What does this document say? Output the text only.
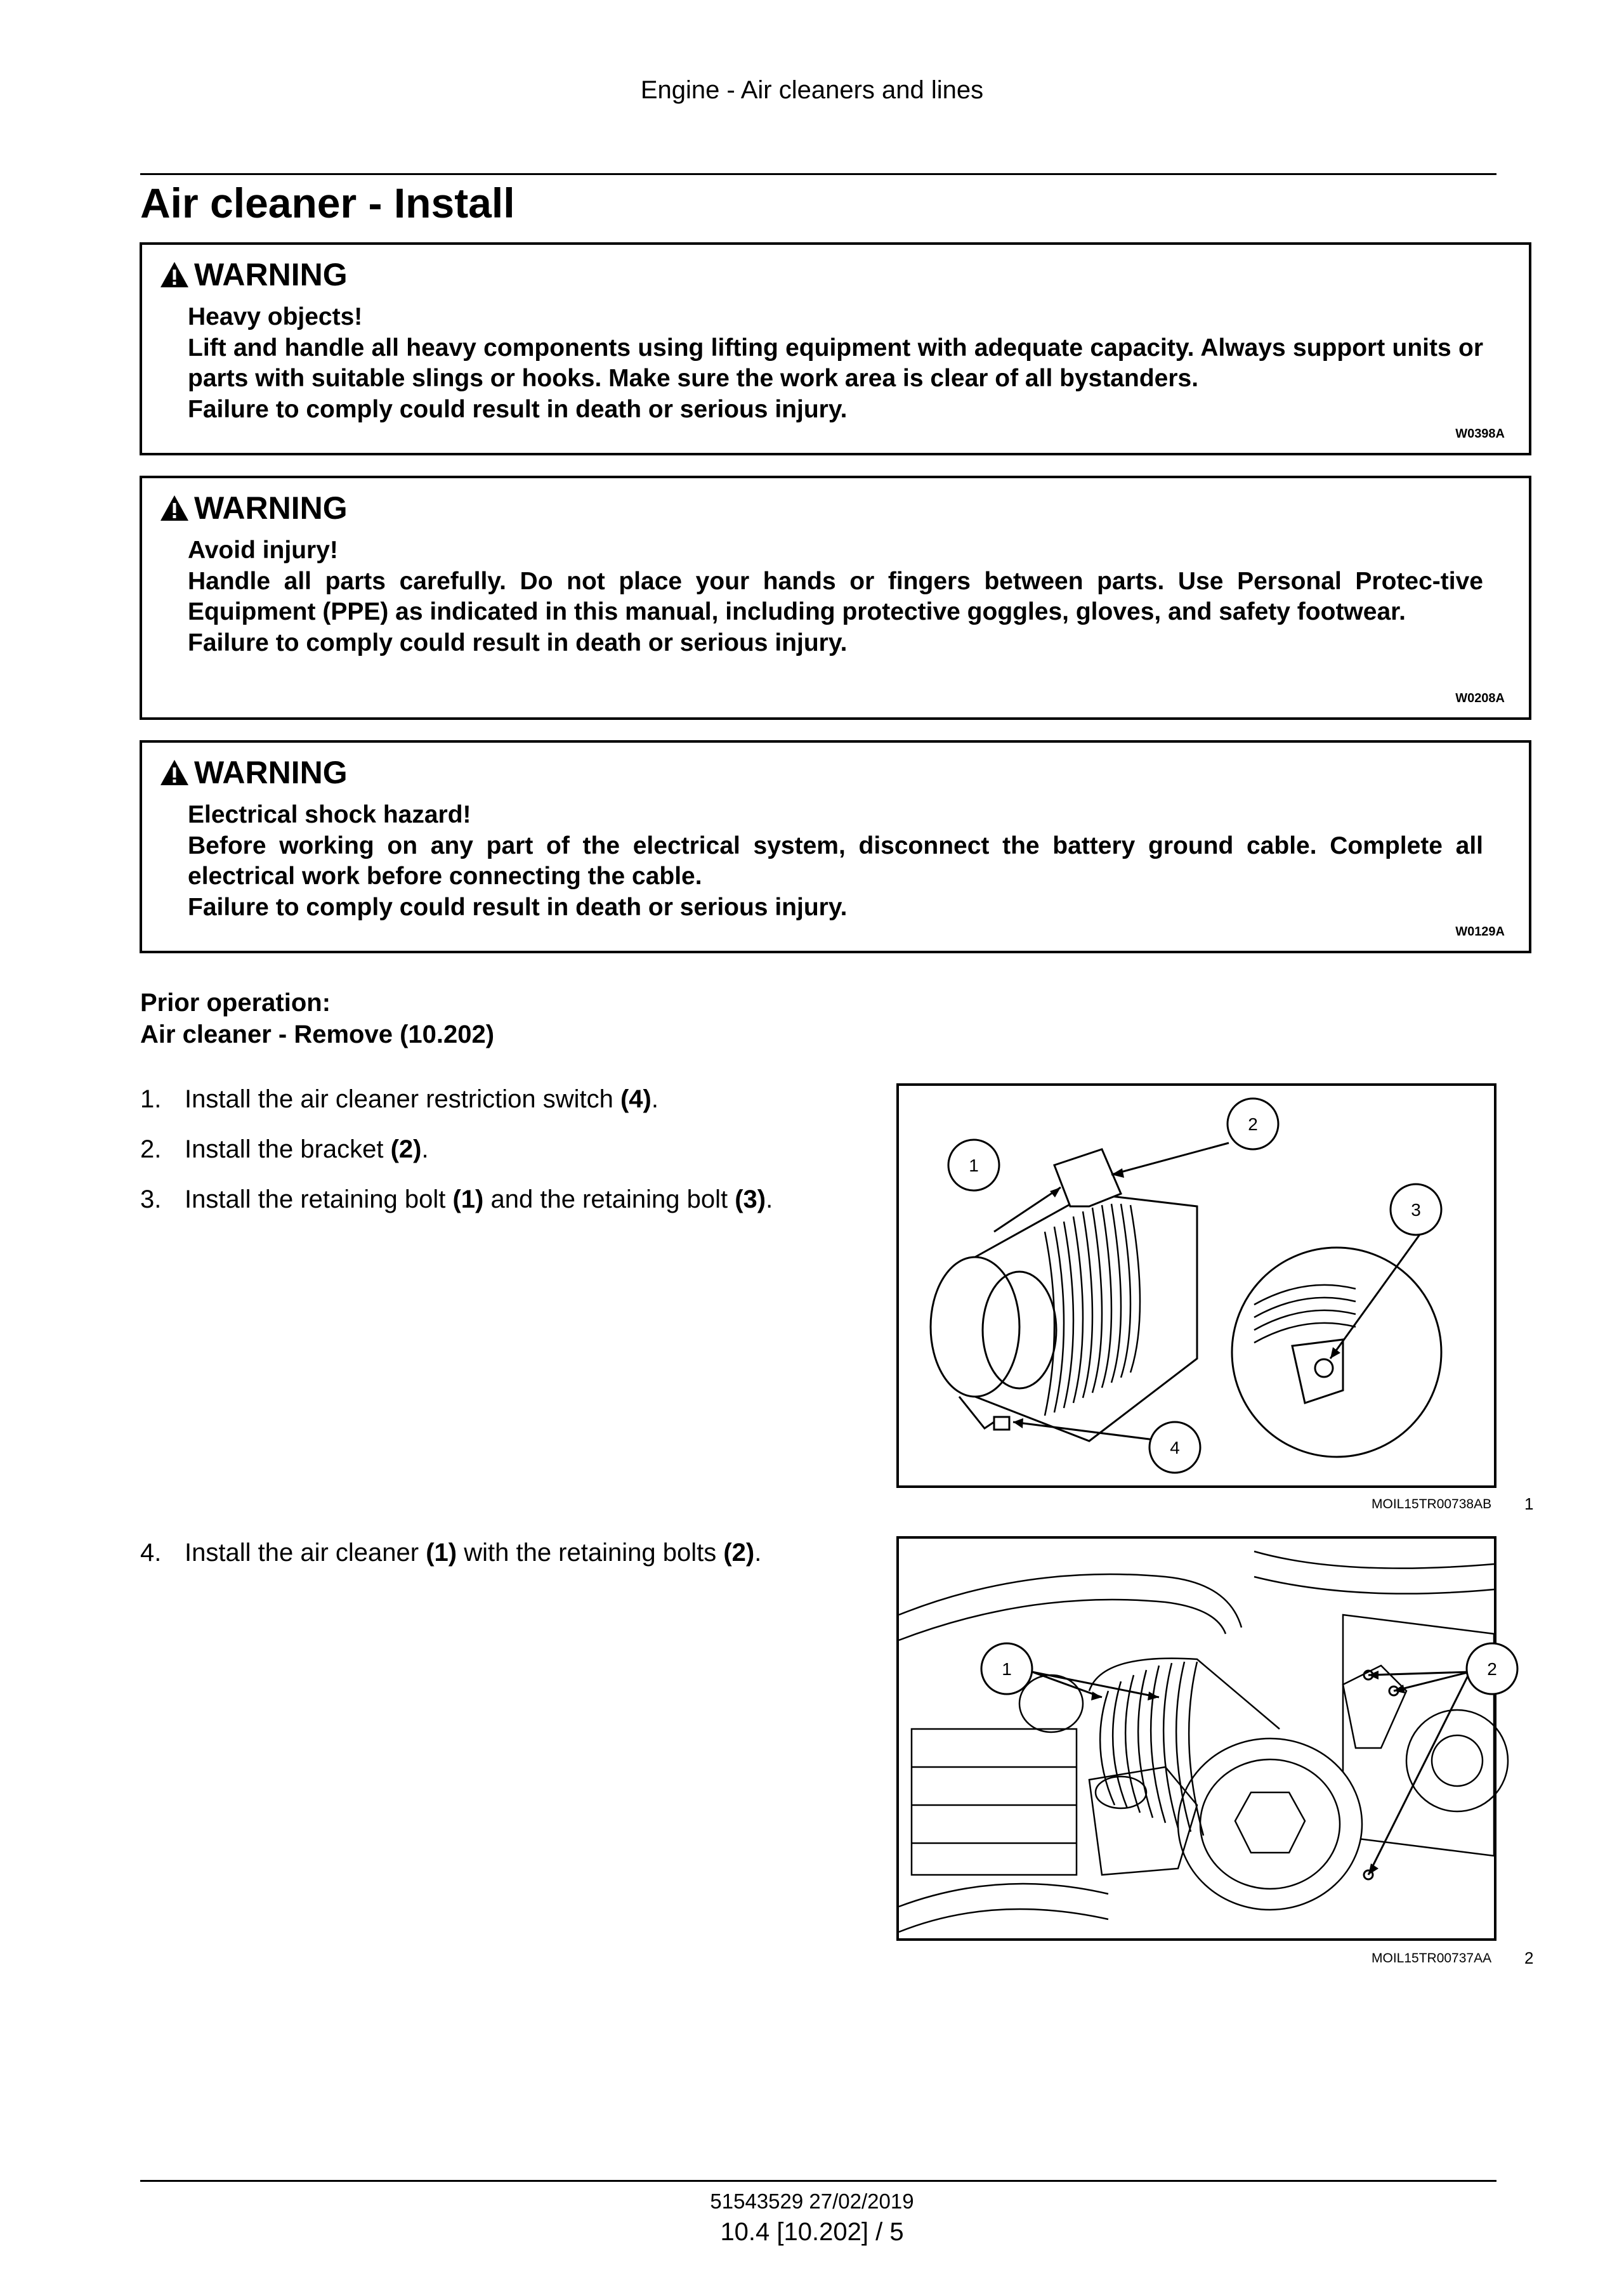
Engine - Air cleaners and lines
Air cleaner - Install
WARNING
Heavy objects!
Lift and handle all heavy components using lifting equipment with adequate capacity. Always support units or parts with suitable slings or hooks. Make sure the work area is clear of all bystanders.
Failure to comply could result in death or serious injury.
W0398A
WARNING
Avoid injury!
Handle all parts carefully. Do not place your hands or fingers between parts. Use Personal Protec-tive Equipment (PPE) as indicated in this manual, including protective goggles, gloves, and safety footwear.
Failure to comply could result in death or serious injury.
W0208A
WARNING
Electrical shock hazard!
Before working on any part of the electrical system, disconnect the battery ground cable. Complete all electrical work before connecting the cable.
Failure to comply could result in death or serious injury.
W0129A
Prior operation:
Air cleaner - Remove (10.202)
1. Install the air cleaner restriction switch (4).
2. Install the bracket (2).
3. Install the retaining bolt (1) and the retaining bolt (3).
4. Install the air cleaner (1) with the retaining bolts (2).
1
2
3
4
MOIL15TR00738AB 1
1	2
MOIL15TR00737AA 2
51543529 27/02/2019
10.4 [10.202] / 5
